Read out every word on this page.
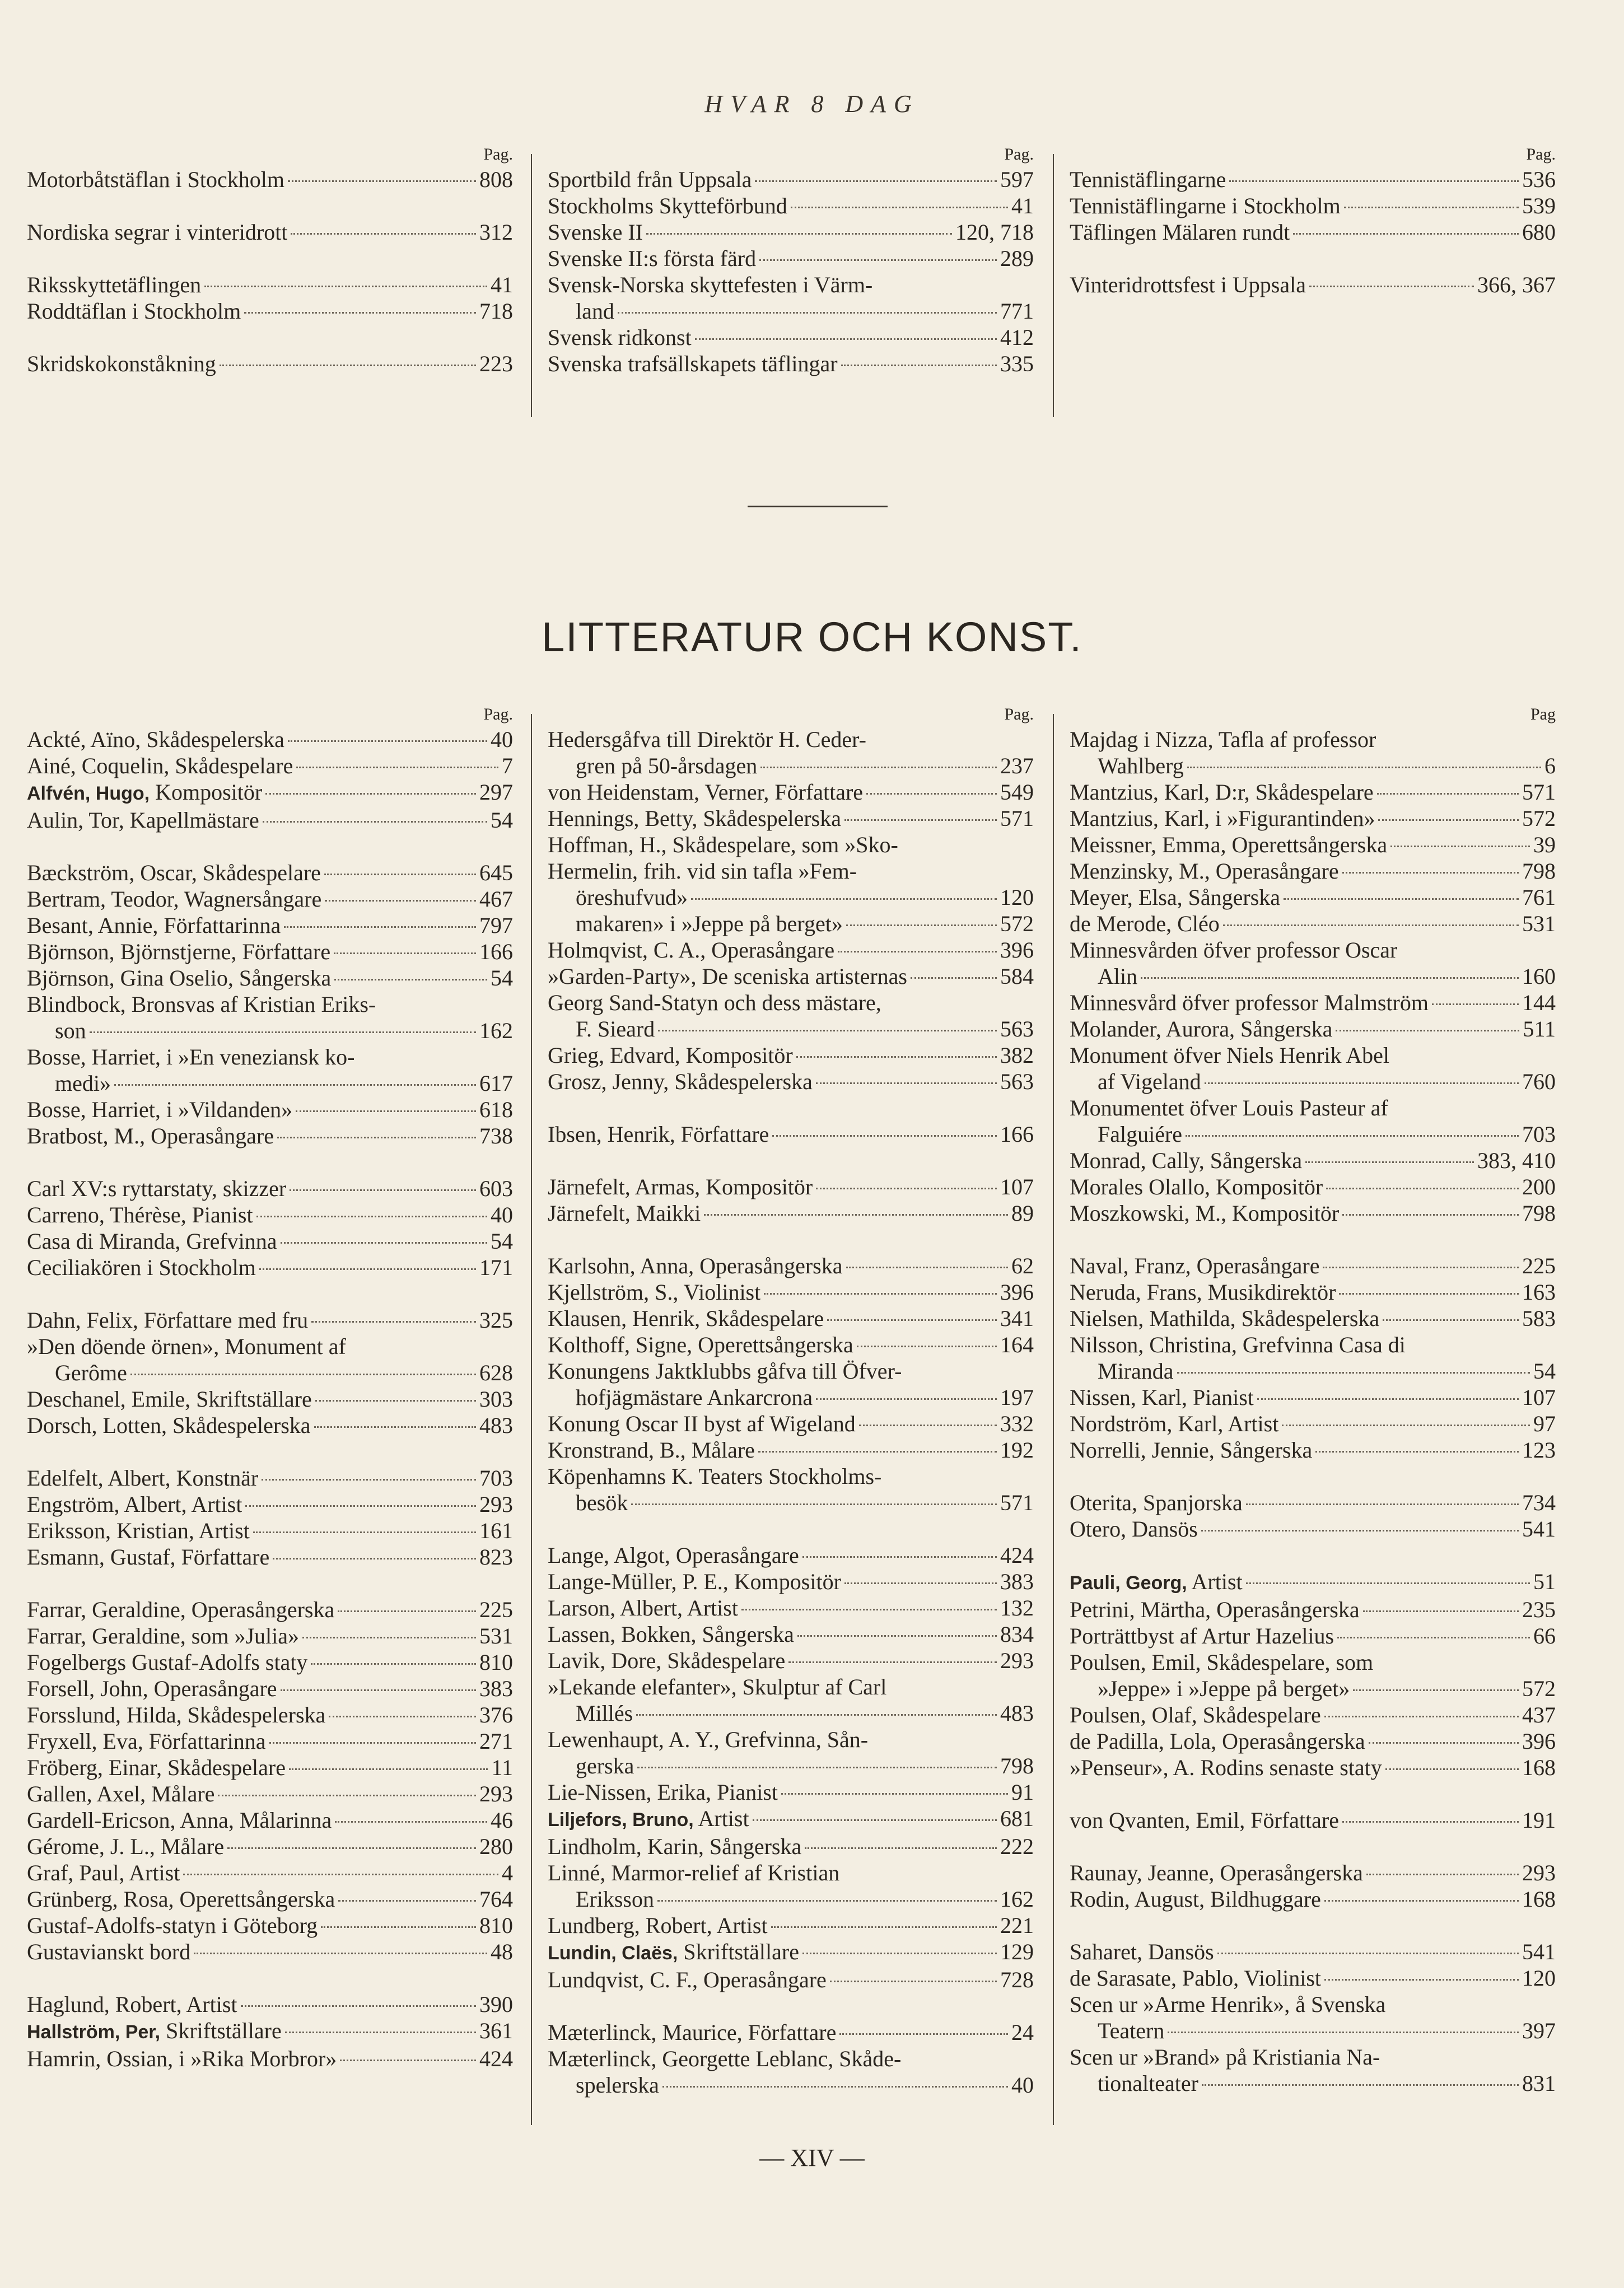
HVAR 8 DAG
Pag.
Motorbåtstäflan i Stockholm	808
Nordiska segrar i vinteridrott	312
Riksskyttetäflingen	41
Roddtäflan i Stockholm	718
Skridskokonståkning	223
Pag.
Sportbild från Uppsala	597
Stockholms Skytteförbund	41
Svenske II	120, 718
Svenske II:s första färd	289
Svensk-Norska skyttefesten i Värm-
land	771
Svensk ridkonst	412
Svenska trafsällskapets täflingar	335
Pag.
Tennistäflingarne	536
Tennistäflingarne i Stockholm	539
Täflingen Mälaren rundt	680
Vinteridrottsfest i Uppsala	366, 367
LITTERATUR OCH KONST.
Pag.
Ackté, Aïno, Skådespelerska	40
Ainé, Coquelin, Skådespelare	7
Alfvén, Hugo, Kompositör	297
Aulin, Tor, Kapellmästare	54
Bæckström, Oscar, Skådespelare	645
Bertram, Teodor, Wagnersångare	467
Besant, Annie, Författarinna	797
Björnson, Björnstjerne, Författare	166
Björnson, Gina Oselio, Sångerska	54
Blindbock, Bronsvas af Kristian Eriks-
son	162
Bosse, Harriet, i »En veneziansk ko-
medi»	617
Bosse, Harriet, i »Vildanden»	618
Bratbost, M., Operasångare	738
Carl XV:s ryttarstaty, skizzer	603
Carreno, Thérèse, Pianist	40
Casa di Miranda, Grefvinna	54
Ceciliakören i Stockholm	171
Dahn, Felix, Författare med fru	325
»Den döende örnen», Monument af
Gerôme	628
Deschanel, Emile, Skriftställare	303
Dorsch, Lotten, Skådespelerska	483
Edelfelt, Albert, Konstnär	703
Engström, Albert, Artist	293
Eriksson, Kristian, Artist	161
Esmann, Gustaf, Författare	823
Farrar, Geraldine, Operasångerska	225
Farrar, Geraldine, som »Julia»	531
Fogelbergs Gustaf-Adolfs staty	810
Forsell, John, Operasångare	383
Forsslund, Hilda, Skådespelerska	376
Fryxell, Eva, Författarinna	271
Fröberg, Einar, Skådespelare	11
Gallen, Axel, Målare	293
Gardell-Ericson, Anna, Målarinna	46
Gérome, J. L., Målare	280
Graf, Paul, Artist	4
Grünberg, Rosa, Operettsångerska	764
Gustaf-Adolfs-statyn i Göteborg	810
Gustavianskt bord	48
Haglund, Robert, Artist	390
Hallström, Per, Skriftställare	361
Hamrin, Ossian, i »Rika Morbror»	424
Pag.
Hedersgåfva till Direktör H. Ceder-
gren på 50-årsdagen	237
von Heidenstam, Verner, Författare	549
Hennings, Betty, Skådespelerska	571
Hoffman, H., Skådespelare, som »Sko-
Hermelin, frih. vid sin tafla »Fem-
öreshufvud»	120
makaren» i »Jeppe på berget»	572
Holmqvist, C. A., Operasångare	396
»Garden-Party», De sceniska artisternas	584
Georg Sand-Statyn och dess mästare,
F. Sieard	563
Grieg, Edvard, Kompositör	382
Grosz, Jenny, Skådespelerska	563
Ibsen, Henrik, Författare	166
Järnefelt, Armas, Kompositör	107
Järnefelt, Maikki	89
Karlsohn, Anna, Operasångerska	62
Kjellström, S., Violinist	396
Klausen, Henrik, Skådespelare	341
Kolthoff, Signe, Operettsångerska	164
Konungens Jaktklubbs gåfva till Öfver-
hofjägmästare Ankarcrona	197
Konung Oscar II byst af Wigeland	332
Kronstrand, B., Målare	192
Köpenhamns K. Teaters Stockholms-
besök	571
Lange, Algot, Operasångare	424
Lange-Müller, P. E., Kompositör	383
Larson, Albert, Artist	132
Lassen, Bokken, Sångerska	834
Lavik, Dore, Skådespelare	293
»Lekande elefanter», Skulptur af Carl
Millés	483
Lewenhaupt, A. Y., Grefvinna, Sån-
gerska	798
Lie-Nissen, Erika, Pianist	91
Liljefors, Bruno, Artist	681
Lindholm, Karin, Sångerska	222
Linné, Marmor-relief af Kristian
Eriksson	162
Lundberg, Robert, Artist	221
Lundin, Claës, Skriftställare	129
Lundqvist, C. F., Operasångare	728
Mæterlinck, Maurice, Författare	24
Mæterlinck, Georgette Leblanc, Skåde-
spelerska	40
Pag
Majdag i Nizza, Tafla af professor
Wahlberg	6
Mantzius, Karl, D:r, Skådespelare	571
Mantzius, Karl, i »Figurantinden»	572
Meissner, Emma, Operettsångerska	39
Menzinsky, M., Operasångare	798
Meyer, Elsa, Sångerska	761
de Merode, Cléo	531
Minnesvården öfver professor Oscar
Alin	160
Minnesvård öfver professor Malmström	144
Molander, Aurora, Sångerska	511
Monument öfver Niels Henrik Abel
af Vigeland	760
Monumentet öfver Louis Pasteur af
Falguiére	703
Monrad, Cally, Sångerska	383, 410
Morales Olallo, Kompositör	200
Moszkowski, M., Kompositör	798
Naval, Franz, Operasångare	225
Neruda, Frans, Musikdirektör	163
Nielsen, Mathilda, Skådespelerska	583
Nilsson, Christina, Grefvinna Casa di
Miranda	54
Nissen, Karl, Pianist	107
Nordström, Karl, Artist	97
Norrelli, Jennie, Sångerska	123
Oterita, Spanjorska	734
Otero, Dansös	541
Pauli, Georg, Artist	51
Petrini, Märtha, Operasångerska	235
Porträttbyst af Artur Hazelius	66
Poulsen, Emil, Skådespelare, som
»Jeppe» i »Jeppe på berget»	572
Poulsen, Olaf, Skådespelare	437
de Padilla, Lola, Operasångerska	396
»Penseur», A. Rodins senaste staty	168
von Qvanten, Emil, Författare	191
Raunay, Jeanne, Operasångerska	293
Rodin, August, Bildhuggare	168
Saharet, Dansös	541
de Sarasate, Pablo, Violinist	120
Scen ur »Arme Henrik», å Svenska
Teatern	397
Scen ur »Brand» på Kristiania Na-
tionalteater	831
— XIV —
